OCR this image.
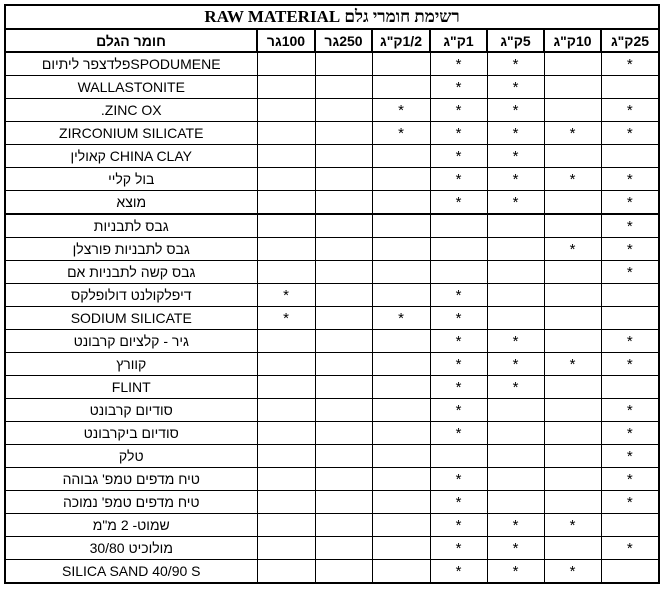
רשימת חומרי גלם RAW MATERIAL							
25ק"ג	10ק"ג	5ק"ג	1ק"ג	1/2ק"ג	250גר	100גר	חומר הגלם
*		*	*				SPODUMENEפלדצפר ליתיום
		*	*				WALLASTONITE
*		*	*	*			ZINC OX.
*	*	*	*	*			ZIRCONIUM SILICATE
		*	*				CHINA CLAY קאולין
*	*	*	*				בול קליי
*		*	*				מוצא
*							גבס לתבניות
*	*						גבס לתבניות פורצלן
*							גבס קשה לתבניות אם
			*			*	דיפלקולנט דולופלקס
			*	*		*	SODIUM SILICATE
*		*	*				גיר - קלציום קרבונט
*	*	*	*				קוורץ
		*	*				FLINT
*			*				סודיום קרבונט
*			*				סודיום ביקרבונט
*							טלק
*			*				טיח מדפים טמפ' גבוהה
*			*				טיח מדפים טמפ' נמוכה
	*	*	*				שמוט- 2 מ"מ
*		*	*				מולוכיט 30/80
	*	*	*				SILICA SAND 40/90 S
